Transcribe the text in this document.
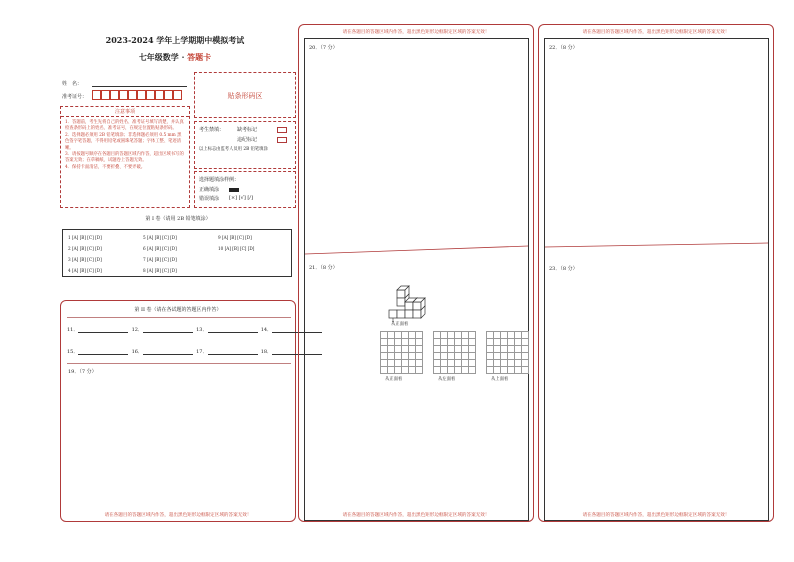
2023-2024 学年上学期期中模拟考试
七年级数学 · 答题卡
姓　名：
准考证号：	贴条形码区
注意事项
1．答题前，考生先将自己的姓名、准考证号填写清楚，并认真检查条形码上的姓名、准考证号，在规定位置粘贴条形码。
2．选择题必须用 2B 铅笔填涂；非选择题必须用 0.5 mm 黑色签字笔答题，不得用铅笔或圆珠笔答题；字体工整、笔迹清晰。
3．请按题号顺序在各题目的答题区域内作答，超出区域书写的答案无效；在草稿纸、试题卷上答题无效。
4．保持卡面清洁，不要折叠、不要弄破。
考生禁填：	缺考标记
违纪标记
以上标志由监考人员用 2B 铅笔填涂
选择题填涂样例：
正确填涂
错误填涂 [×] [√] [/]
第 I 卷（请用 2B 铅笔填涂）
1 [A] [B] [C] [D]
2 [A] [B] [C] [D]
3 [A] [B] [C] [D]
4 [A] [B] [C] [D]
5 [A] [B] [C] [D]
6 [A] [B] [C] [D]
7 [A] [B] [C] [D]
8 [A] [B] [C] [D]
9 [A] [B] [C] [D]
10 [A] [B] [C] [D]
第 II 卷（请在各试题的答题区内作答）
11．	12．	13．	14．
15．	16．	17．	18．
19．（7 分）
请在各题目的答题区域内作答，超出黑色矩形边框限定区域的答案无效！
请在各题目的答题区域内作答，超出黑色矩形边框限定区域的答案无效！
20．（7 分）
21．（8 分）
从正面看
从正面看	从左面看	从上面看
请在各题目的答题区域内作答，超出黑色矩形边框限定区域的答案无效！
请在各题目的答题区域内作答，超出黑色矩形边框限定区域的答案无效！
22．（8 分）
23．（8 分）
请在各题目的答题区域内作答，超出黑色矩形边框限定区域的答案无效！
